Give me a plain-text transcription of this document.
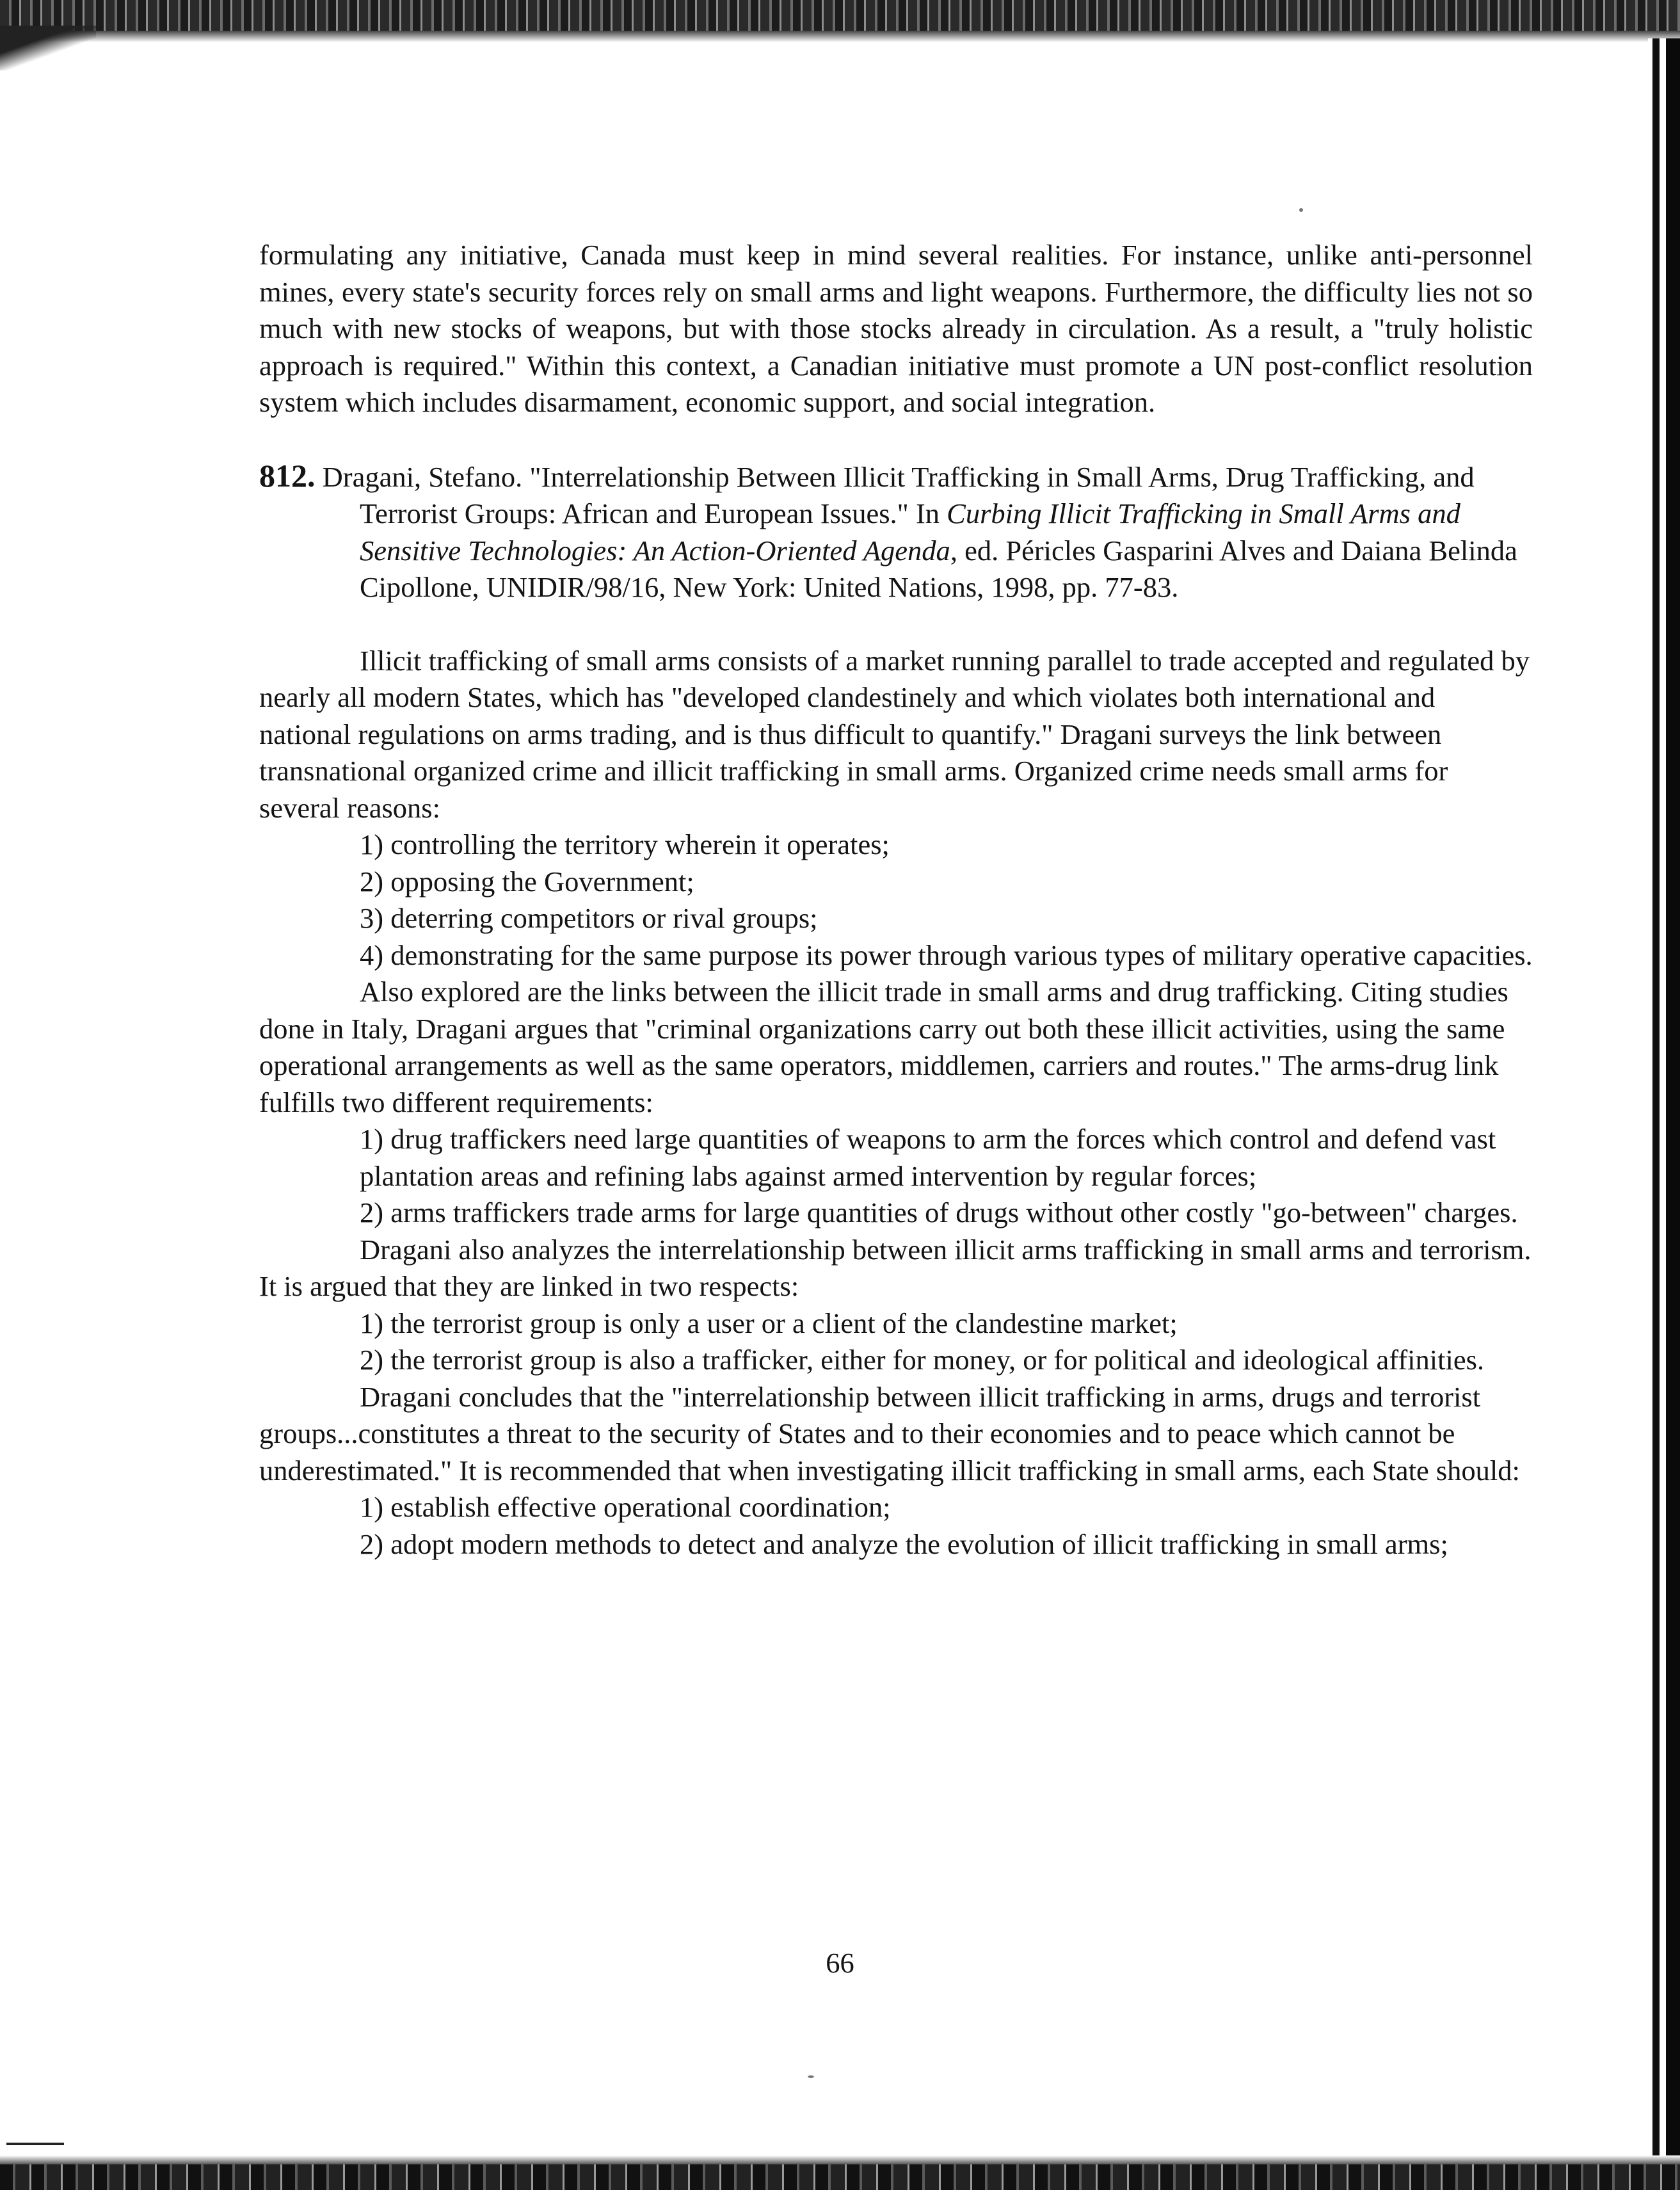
formulating any initiative, Canada must keep in mind several realities. For instance, unlike anti-personnel mines, every state's security forces rely on small arms and light weapons. Furthermore, the difficulty lies not so much with new stocks of weapons, but with those stocks already in circulation. As a result, a "truly holistic approach is required." Within this context, a Canadian initiative must promote a UN post-conflict resolution system which includes disarmament, economic support, and social integration.

812. Dragani, Stefano. "Interrelationship Between Illicit Trafficking in Small Arms, Drug Trafficking, and Terrorist Groups: African and European Issues." In Curbing Illicit Trafficking in Small Arms and Sensitive Technologies: An Action-Oriented Agenda, ed. Péricles Gasparini Alves and Daiana Belinda Cipollone, UNIDIR/98/16, New York: United Nations, 1998, pp. 77-83.

Illicit trafficking of small arms consists of a market running parallel to trade accepted and regulated by nearly all modern States, which has "developed clandestinely and which violates both international and national regulations on arms trading, and is thus difficult to quantify." Dragani surveys the link between transnational organized crime and illicit trafficking in small arms. Organized crime needs small arms for several reasons:

1) controlling the territory wherein it operates;

2) opposing the Government;

3) deterring competitors or rival groups;

4) demonstrating for the same purpose its power through various types of military operative capacities.

Also explored are the links between the illicit trade in small arms and drug trafficking. Citing studies done in Italy, Dragani argues that "criminal organizations carry out both these illicit activities, using the same operational arrangements as well as the same operators, middlemen, carriers and routes." The arms-drug link fulfills two different requirements:

1) drug traffickers need large quantities of weapons to arm the forces which control and defend vast plantation areas and refining labs against armed intervention by regular forces;

2) arms traffickers trade arms for large quantities of drugs without other costly "go-between" charges.

Dragani also analyzes the interrelationship between illicit arms trafficking in small arms and terrorism. It is argued that they are linked in two respects:

1) the terrorist group is only a user or a client of the clandestine market;

2) the terrorist group is also a trafficker, either for money, or for political and ideological affinities.

Dragani concludes that the "interrelationship between illicit trafficking in arms, drugs and terrorist groups...constitutes a threat to the security of States and to their economies and to peace which cannot be underestimated." It is recommended that when investigating illicit trafficking in small arms, each State should:

1) establish effective operational coordination;

2) adopt modern methods to detect and analyze the evolution of illicit trafficking in small arms;

66
